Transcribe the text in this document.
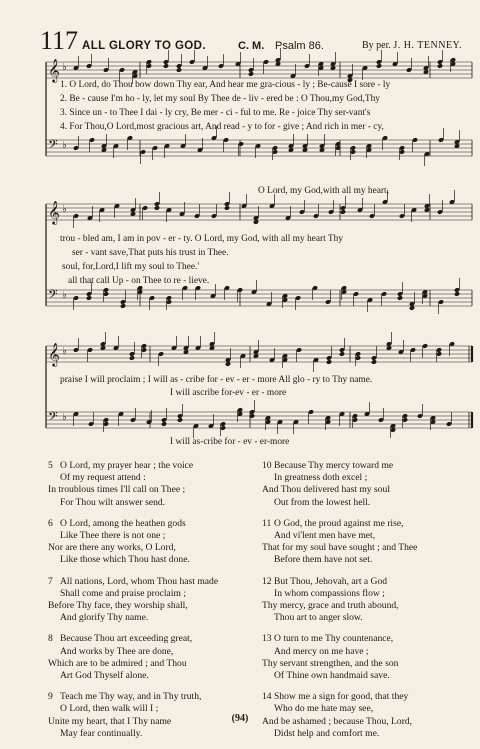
117 ALL GLORY TO GOD.	C. M. Psalm 86.	By per. J. H. TENNEY.
𝄞 ♭
𝄢 ♭
𝄞 ♭
𝄢 ♭
𝄞 ♭
𝄢 ♭
1. O Lord, do Thou bow down Thy ear, And hear me gra-cious - ly ; Be-cause I sore - ly
2. Be - cause I'm ho - ly, let my soul By Thee de - liv - ered be : O Thou,my God,Thy
3. Since un - to Thee I dai - ly cry, Be mer - ci - ful to me. Re - joice Thy ser-vant's
4. For Thou,O Lord,most gracious art, And read - y to for - give ; And rich in mer - cy,
O Lord, my God,with all my heart,
trou - bled am, I am in pov - er - ty. O Lord, my God, with all my heart Thy
ser - vant save,That puts his trust in Thee.
soul, for,Lord,I lift my soul to Thee.'
all that call Up - on Thee to re - lieve.
praise I will proclaim ; I will as - cribe for - ev - er - more All glo - ry to Thy name.
I will ascribe for-ev - er - more
I will as-cribe for - ev - er-more
5 O Lord, my prayer hear ; the voice
Of my request attend :
In troublous times I'll call on Thee ;
For Thou wilt answer send.
6 O Lord, among the heathen gods
Like Thee there is not one ;
Nor are there any works, O Lord,
Like those which Thou hast done.
7 All nations, Lord, whom Thou hast made
Shall come and praise proclaim ;
Before Thy face, they worship shall,
And glorify Thy name.
8 Because Thou art exceeding great,
And works by Thee are done,
Which are to be admired ; and Thou
Art God Thyself alone.
9 Teach me Thy way, and in Thy truth,
O Lord, then walk will I ;
Unite my heart, that I Thy name
May fear continually.
10 Because Thy mercy toward me
In greatness doth excel ;
And Thou delivered hast my soul
Out from the lowest hell.
11 O God, the proud against me rise,
And vi'lent men have met,
That for my soul have sought ; and Thee
Before them have not set.
12 But Thou, Jehovah, art a God
In whom compassions flow ;
Thy mercy, grace and truth abound,
Thou art to anger slow.
13 O turn to me Thy countenance,
And mercy on me have ;
Thy servant strengthen, and the son
Of Thine own handmaid save.
14 Show me a sign for good, that they
Who do me hate may see,
And be ashamed ; because Thou, Lord,
Didst help and comfort me.
(94)
